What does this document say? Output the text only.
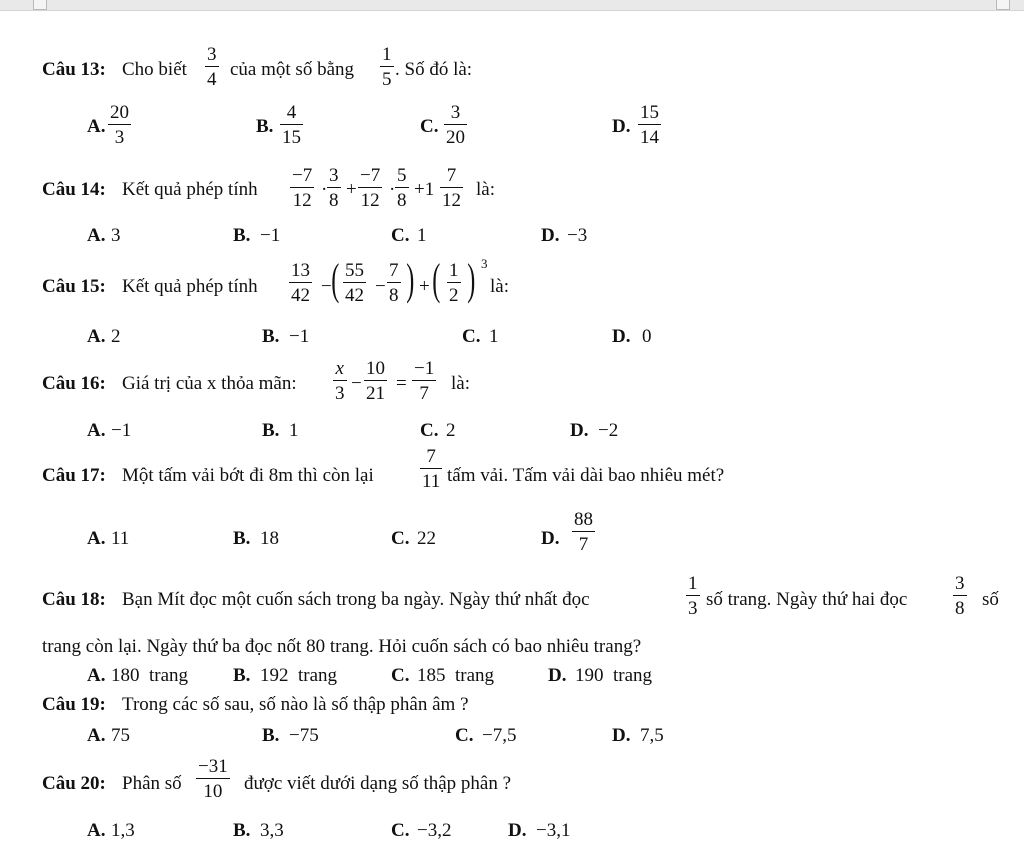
Câu 13: Cho biết
3
4 của một số bằng
1
5 . Số đó là:
A.
20
3
B.
4
15
C.
3
20
D.
15
14
Câu 14: Kết quả phép tính
−7
12
·
3
8
+
−7
12
·
5
8
+1
7
12
là:
A. 3	B. −1	C. 1	D. −3
Câu 15: Kết quả phép tính
13
42 − ( 55
42 −
7
8 ) + ( 1
2 ) 3
là:
A. 2	B. −1	C. 1	D. 0
Câu 16: Giá trị của x thỏa mãn:
x
3 −
10
21 =
−1
7 là:
A. −1	B. 1	C. 2	D. −2
Câu 17: Một tấm vải bớt đi 8m thì còn lại
7
11 tấm vải. Tấm vải dài bao nhiêu mét?
A. 11	B. 18	C. 22	D.
88
7
Câu 18: Bạn Mít đọc một cuốn sách trong ba ngày. Ngày thứ nhất đọc
1
3 số trang. Ngày thứ hai đọc
3
8 số
trang còn lại. Ngày thứ ba đọc nốt 80 trang. Hỏi cuốn sách có bao nhiêu trang?
A. 180  trang B. 192  trang	C. 185  trang	D. 190  trang
Câu 19: Trong các số sau, số nào là số thập phân âm ?
A. 75	B. −75	C. −7,5	D. 7,5
Câu 20: Phân số
−31
10 được viết dưới dạng số thập phân ?
A. 1,3	B. 3,3	C. −3,2	D. −3,1
